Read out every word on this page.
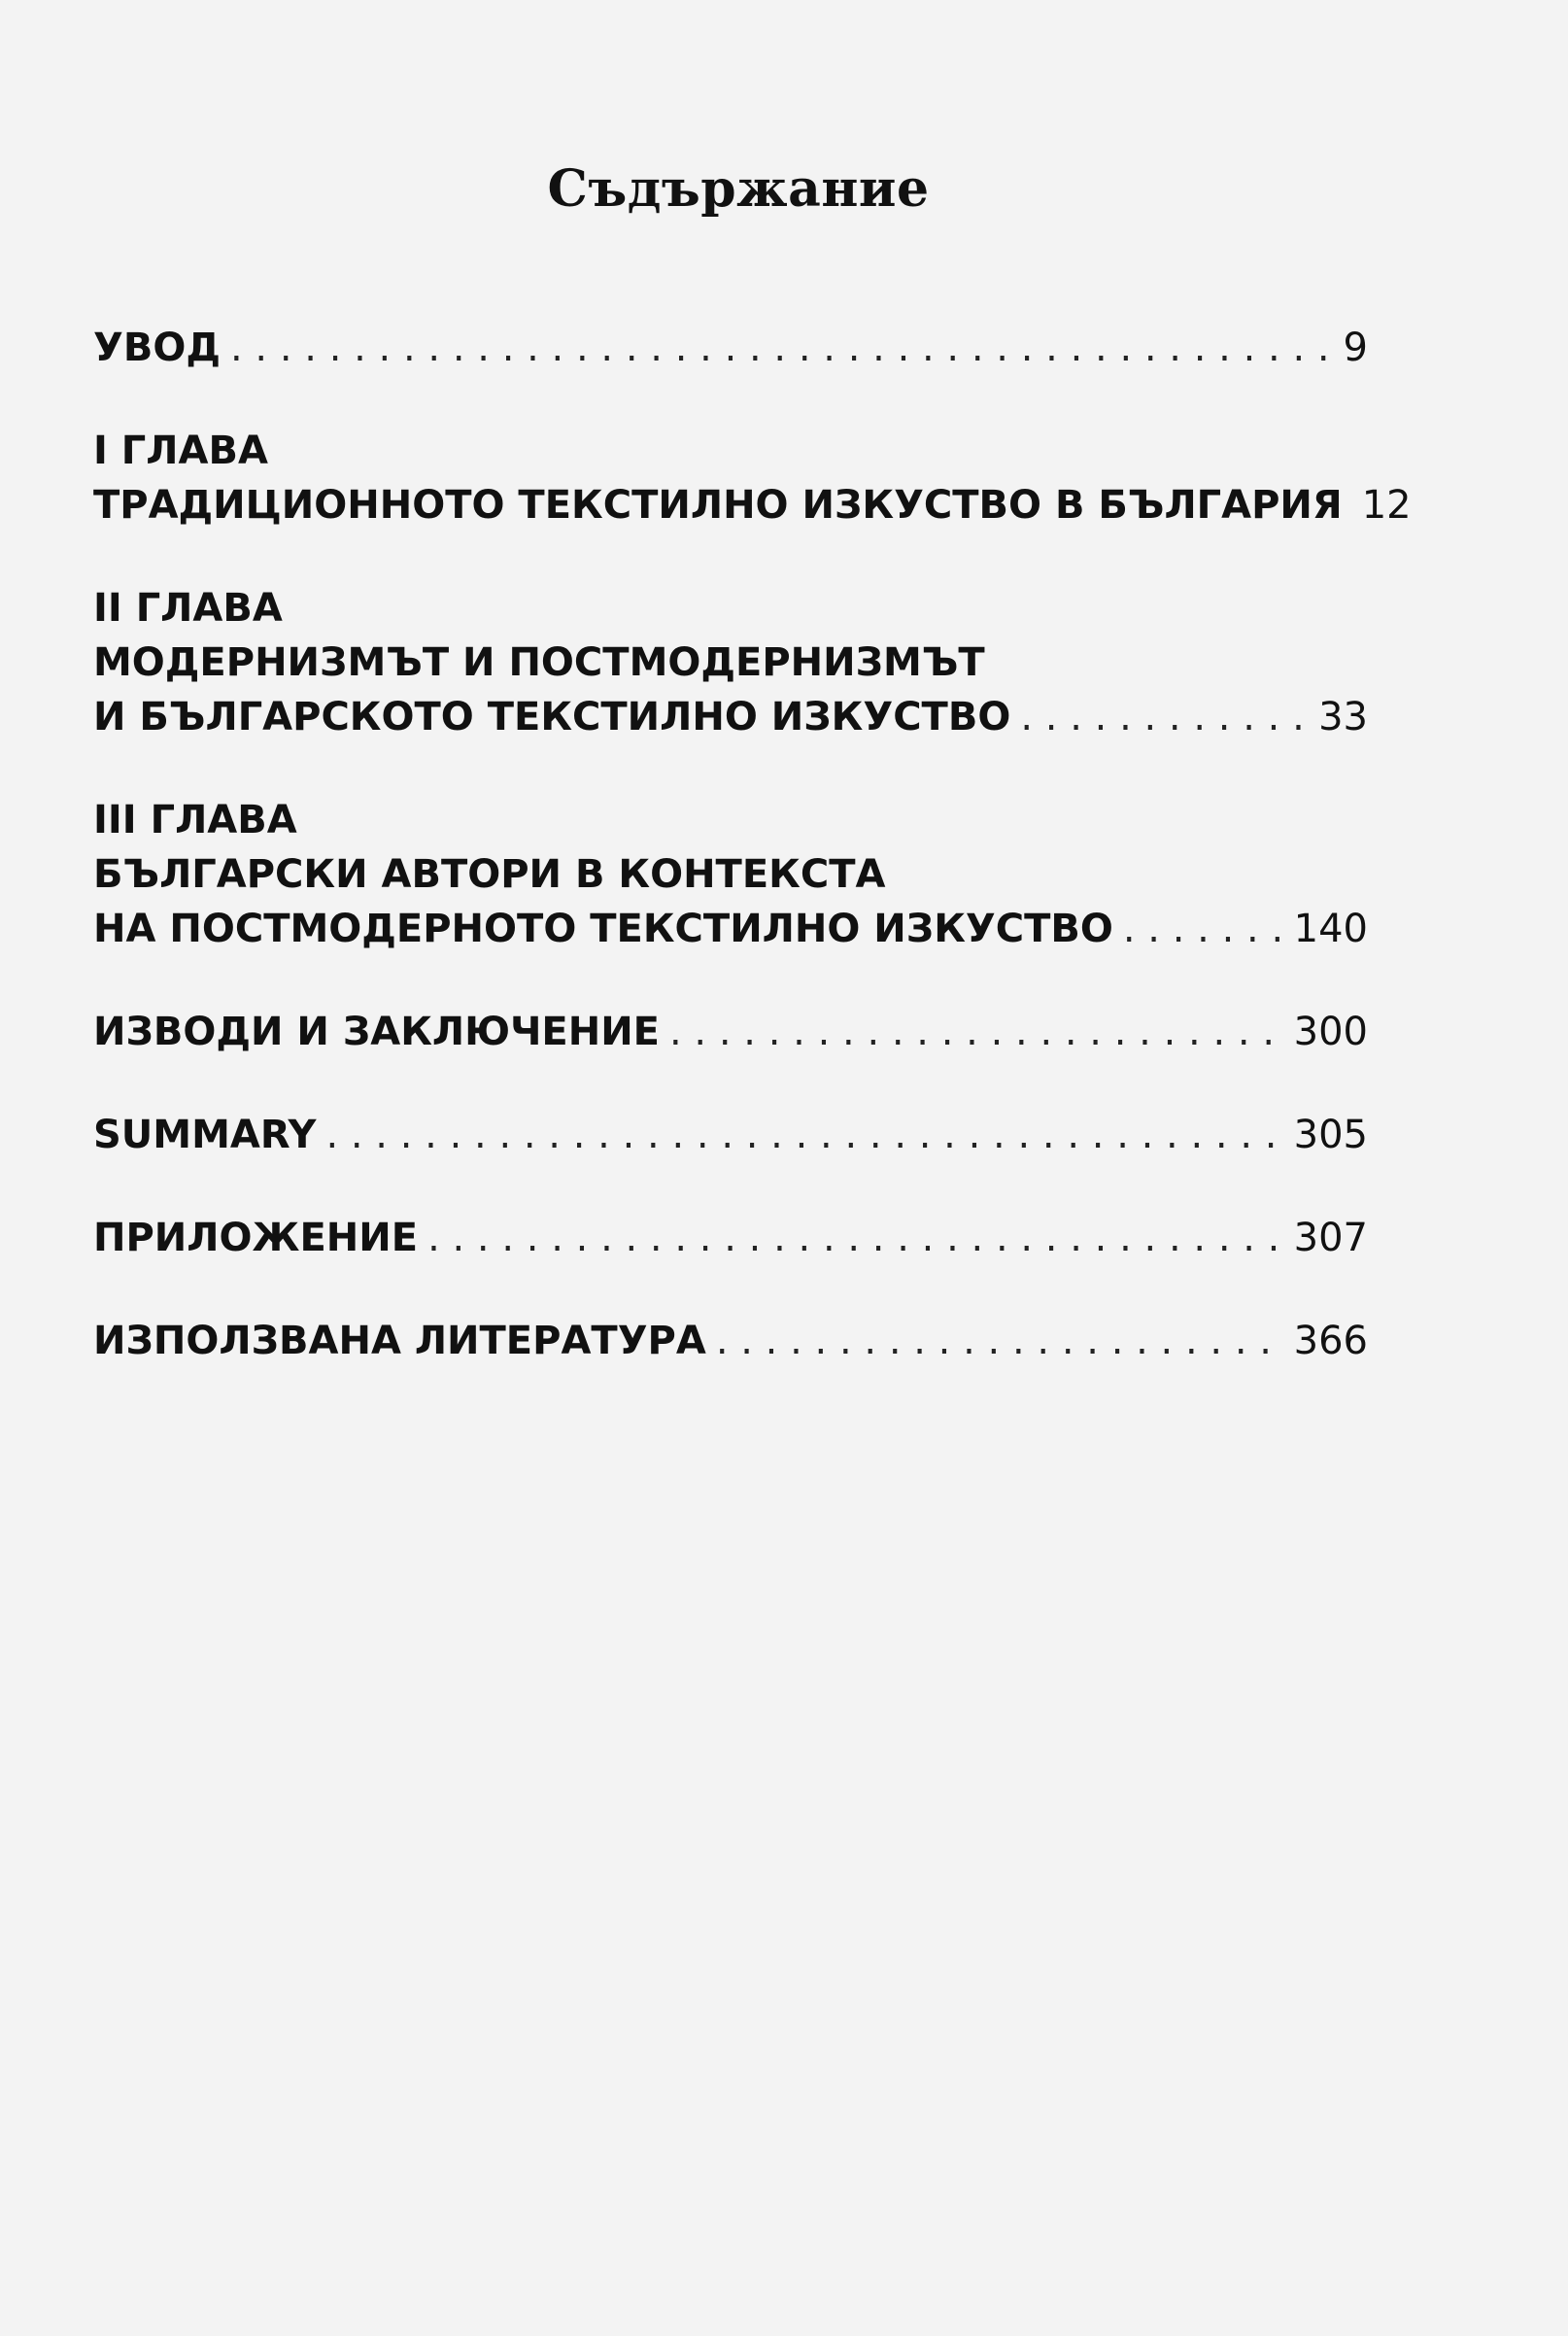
Съдържание
УВОД . . .	9
I ГЛАВА
ТРАДИЦИОННОТО ТЕКСТИЛНО ИЗКУСТВО В БЪЛГАРИЯ 12
II ГЛАВА
МОДЕРНИЗМЪТ И ПОСТМОДЕРНИЗМЪТ
И БЪЛГАРСКОТО ТЕКСТИЛНО ИЗКУСТВО . . .	33
III ГЛАВА
БЪЛГАРСКИ АВТОРИ В КОНТЕКСТА
НА ПОСТМОДЕРНОТО ТЕКСТИЛНО ИЗКУСТВО . . .	140
ИЗВОДИ И ЗАКЛЮЧЕНИЕ . . .	300
SUMMARY . . .	305
ПРИЛОЖЕНИЕ . . .	307
ИЗПОЛЗВАНА ЛИТЕРАТУРА . . .	366
